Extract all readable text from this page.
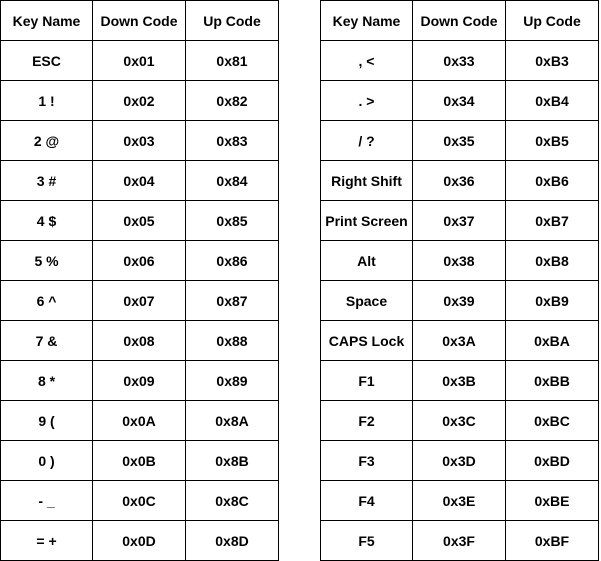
Key Name	Down Code	Up Code
ESC	0x01	0x81
1 !	0x02	0x82
2 @	0x03	0x83
3 #	0x04	0x84
4 $	0x05	0x85
5 %	0x06	0x86
6 ^	0x07	0x87
7 &	0x08	0x88
8 *	0x09	0x89
9 (	0x0A	0x8A
0 )	0x0B	0x8B
- _	0x0C	0x8C
= +	0x0D	0x8D
Key Name	Down Code	Up Code
, <	0x33	0xB3
. >	0x34	0xB4
/ ?	0x35	0xB5
Right Shift	0x36	0xB6
Print Screen	0x37	0xB7
Alt	0x38	0xB8
Space	0x39	0xB9
CAPS Lock	0x3A	0xBA
F1	0x3B	0xBB
F2	0x3C	0xBC
F3	0x3D	0xBD
F4	0x3E	0xBE
F5	0x3F	0xBF
